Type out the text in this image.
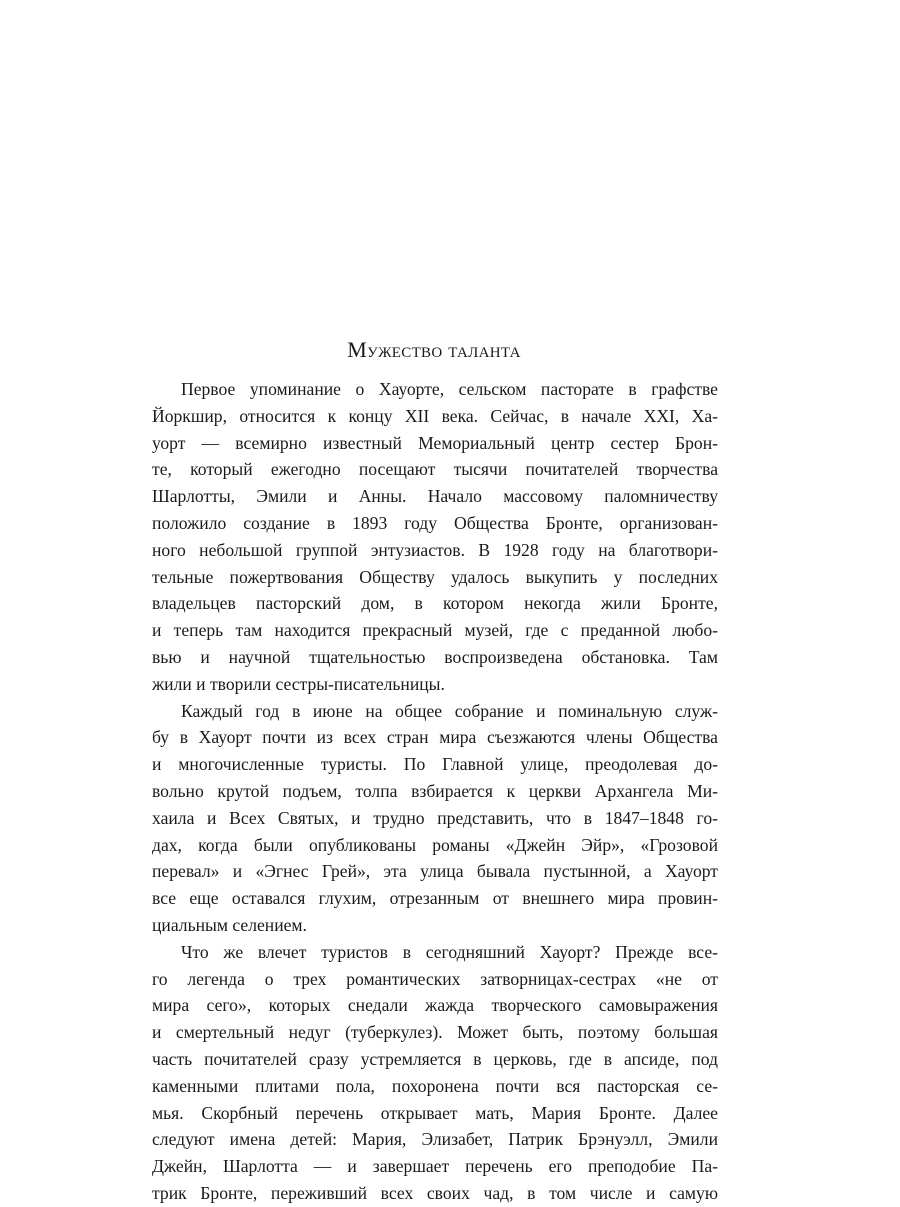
Мужество таланта
Первое упоминание о Хауорте, сельском пасторате в графстве
Йоркшир, относится к концу XII века. Сейчас, в начале XXI, Ха-
уорт — всемирно известный Мемориальный центр сестер Брон-
те, который ежегодно посещают тысячи почитателей творчества
Шарлотты, Эмили и Анны. Начало массовому паломничеству
положило создание в 1893 году Общества Бронте, организован-
ного небольшой группой энтузиастов. В 1928 году на благотвори-
тельные пожертвования Обществу удалось выкупить у последних
владельцев пасторский дом, в котором некогда жили Бронте,
и теперь там находится прекрасный музей, где с преданной любо-
вью и научной тщательностью воспроизведена обстановка. Там
жили и творили сестры-писательницы.
Каждый год в июне на общее собрание и поминальную служ-
бу в Хауорт почти из всех стран мира съезжаются члены Общества
и многочисленные туристы. По Главной улице, преодолевая до-
вольно крутой подъем, толпа взбирается к церкви Архангела Ми-
хаила и Всех Святых, и трудно представить, что в 1847–1848 го-
дах, когда были опубликованы романы «Джейн Эйр», «Грозовой
перевал» и «Эгнес Грей», эта улица бывала пустынной, а Хауорт
все еще оставался глухим, отрезанным от внешнего мира провин-
циальным селением.
Что же влечет туристов в сегодняшний Хауорт? Прежде все-
го легенда о трех романтических затворницах-сестрах «не от
мира сего», которых снедали жажда творческого самовыражения
и смертельный недуг (туберкулез). Может быть, поэтому большая
часть почитателей сразу устремляется в церковь, где в апсиде, под
каменными плитами пола, похоронена почти вся пасторская се-
мья. Скорбный перечень открывает мать, Мария Бронте. Далее
следуют имена детей: Мария, Элизабет, Патрик Брэнуэлл, Эмили
Джейн, Шарлотта — и завершает перечень его преподобие Па-
трик Бронте, переживший всех своих чад, в том числе и самую
